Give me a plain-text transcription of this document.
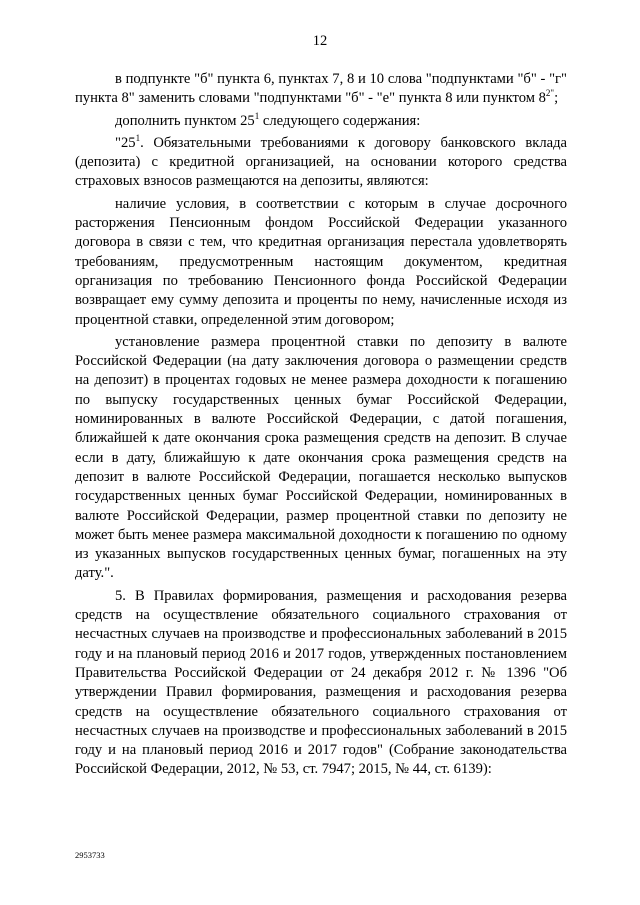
12

в подпункте "б" пункта 6, пунктах 7, 8 и 10 слова "подпунктами "б" - "г" пункта 8" заменить словами "подпунктами "б" - "е" пункта 8 или пунктом $8^{2"}$;

дополнить пунктом $25^1$ следующего содержания:

"$25^1$. Обязательными требованиями к договору банковского вклада (депозита) с кредитной организацией, на основании которого средства страховых взносов размещаются на депозиты, являются:

наличие условия, в соответствии с которым в случае досрочного расторжения Пенсионным фондом Российской Федерации указанного договора в связи с тем, что кредитная организация перестала удовлетворять требованиям, предусмотренным настоящим документом, кредитная организация по требованию Пенсионного фонда Российской Федерации возвращает ему сумму депозита и проценты по нему, начисленные исходя из процентной ставки, определенной этим договором;

установление размера процентной ставки по депозиту в валюте Российской Федерации (на дату заключения договора о размещении средств на депозит) в процентах годовых не менее размера доходности к погашению по выпуску государственных ценных бумаг Российской Федерации, номинированных в валюте Российской Федерации, с датой погашения, ближайшей к дате окончания срока размещения средств на депозит. В случае если в дату, ближайшую к дате окончания срока размещения средств на депозит в валюте Российской Федерации, погашается несколько выпусков государственных ценных бумаг Российской Федерации, номинированных в валюте Российской Федерации, размер процентной ставки по депозиту не может быть менее размера максимальной доходности к погашению по одному из указанных выпусков государственных ценных бумаг, погашенных на эту дату.".

5. В Правилах формирования, размещения и расходования резерва средств на осуществление обязательного социального страхования от несчастных случаев на производстве и профессиональных заболеваний в 2015 году и на плановый период 2016 и 2017 годов, утвержденных постановлением Правительства Российской Федерации от 24 декабря 2012 г. № 1396 "Об утверждении Правил формирования, размещения и расходования резерва средств на осуществление обязательного социального страхования от несчастных случаев на производстве и профессиональных заболеваний в 2015 году и на плановый период 2016 и 2017 годов" (Собрание законодательства Российской Федерации, 2012, № 53, ст. 7947; 2015, № 44, ст. 6139):

2953733
